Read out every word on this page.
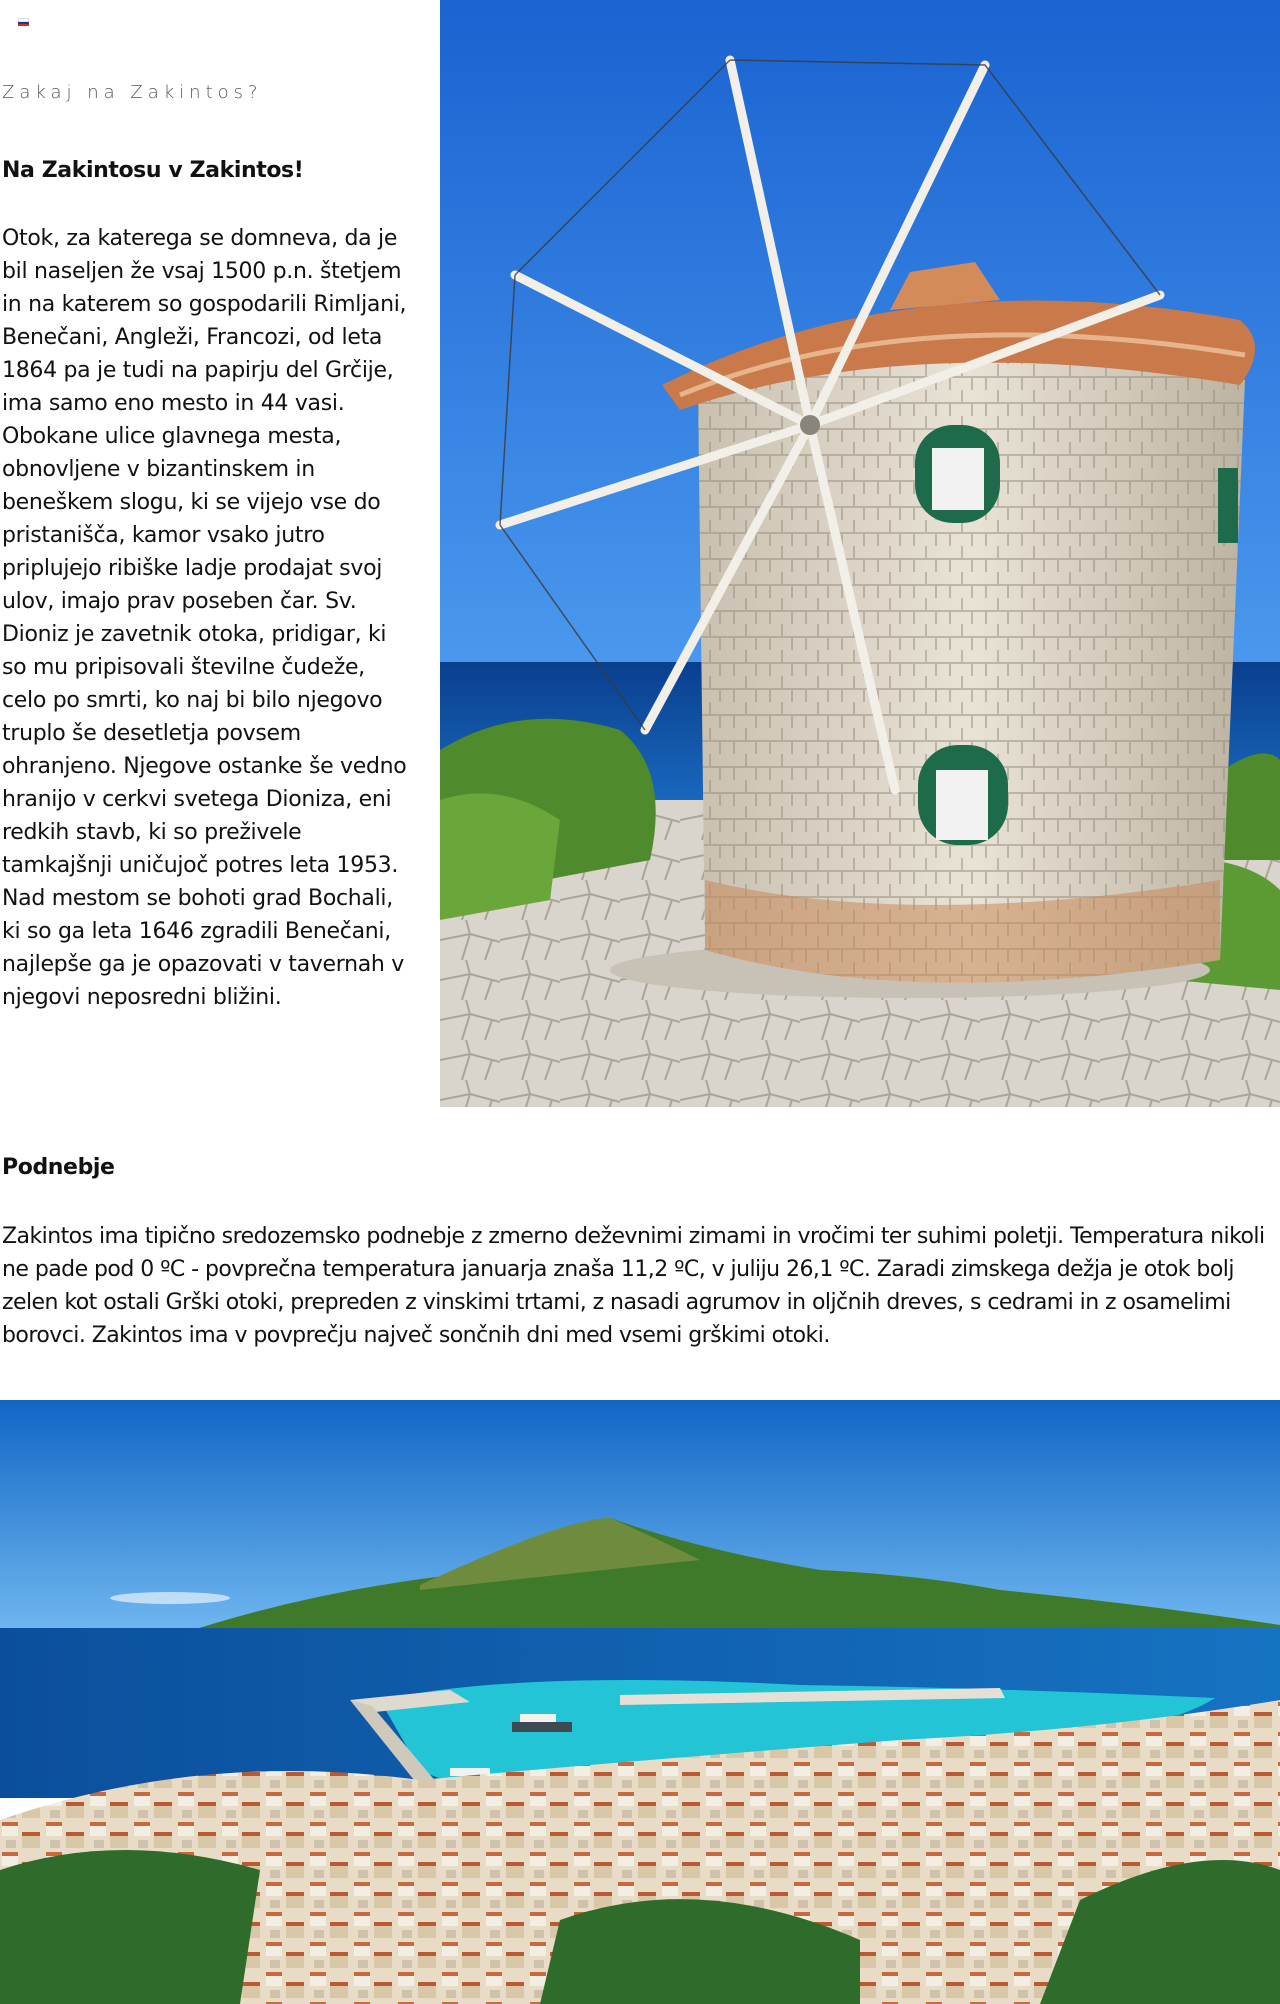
Zakaj na Zakintos?
Na Zakintosu v Zakintos!

Otok, za katerega se domneva, da je bil naseljen že vsaj 1500 p.n. štetjem in na katerem so gospodarili Rimljani, Benečani, Angleži, Francozi, od leta 1864 pa je tudi na papirju del Grčije, ima samo eno mesto in 44 vasi. Obokane ulice glavnega mesta, obnovljene v bizantinskem in beneškem slogu, ki se vijejo vse do pristanišča, kamor vsako jutro priplujejo ribiške ladje prodajat svoj ulov, imajo prav poseben čar. Sv. Dioniz je zavetnik otoka, pridigar, ki so mu pripisovali številne čudeže, celo po smrti, ko naj bi bilo njegovo truplo še desetletja povsem ohranjeno. Njegove ostanke še vedno hranijo v cerkvi svetega Dioniza, eni redkih stavb, ki so preživele tamkajšnji uničujoč potres leta 1953. Nad mestom se bohoti grad Bochali, ki so ga leta 1646 zgradili Benečani, najlepše ga je opazovati v tavernah v njegovi neposredni bližini.

Podnebje

Zakintos ima tipično sredozemsko podnebje z zmerno deževnimi zimami in vročimi ter suhimi poletji. Temperatura nikoli ne pade pod 0 ºC - povprečna temperatura januarja znaša 11,2 ºC, v juliju 26,1 ºC. Zaradi zimskega dežja je otok bolj zelen kot ostali Grški otoki, prepreden z vinskimi trtami, z nasadi agrumov in oljčnih dreves, s cedrami in z osamelimi borovci. Zakintos ima v povprečju največ sončnih dni med vsemi grškimi otoki.
